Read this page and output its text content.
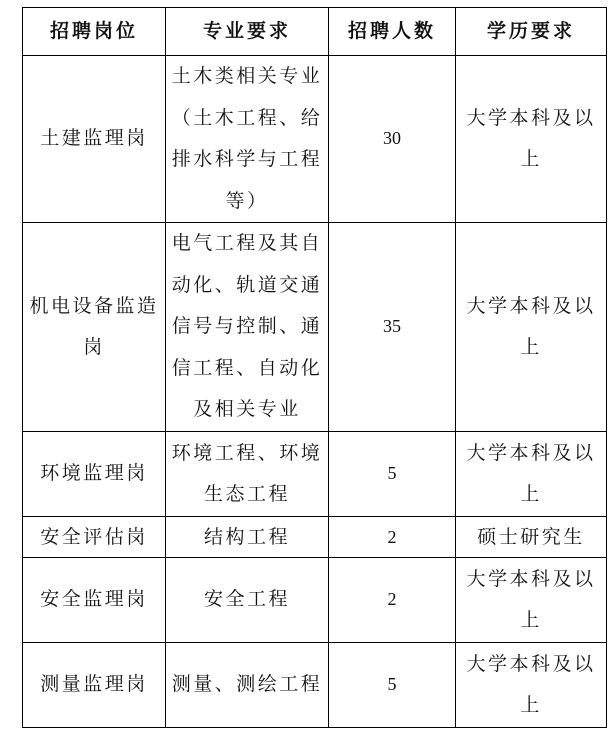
招聘岗位	专业要求	招聘人数	学历要求
土建监理岗	土木类相关专业（土木工程、给排水科学与工程等）	30	大学本科及以上
机电设备监造岗	电气工程及其自动化、轨道交通信号与控制、通信工程、自动化及相关专业	35	大学本科及以上
环境监理岗	环境工程、环境生态工程	5	大学本科及以上
安全评估岗	结构工程	2	硕士研究生
安全监理岗	安全工程	2	大学本科及以上
测量监理岗	测量、测绘工程	5	大学本科及以上
